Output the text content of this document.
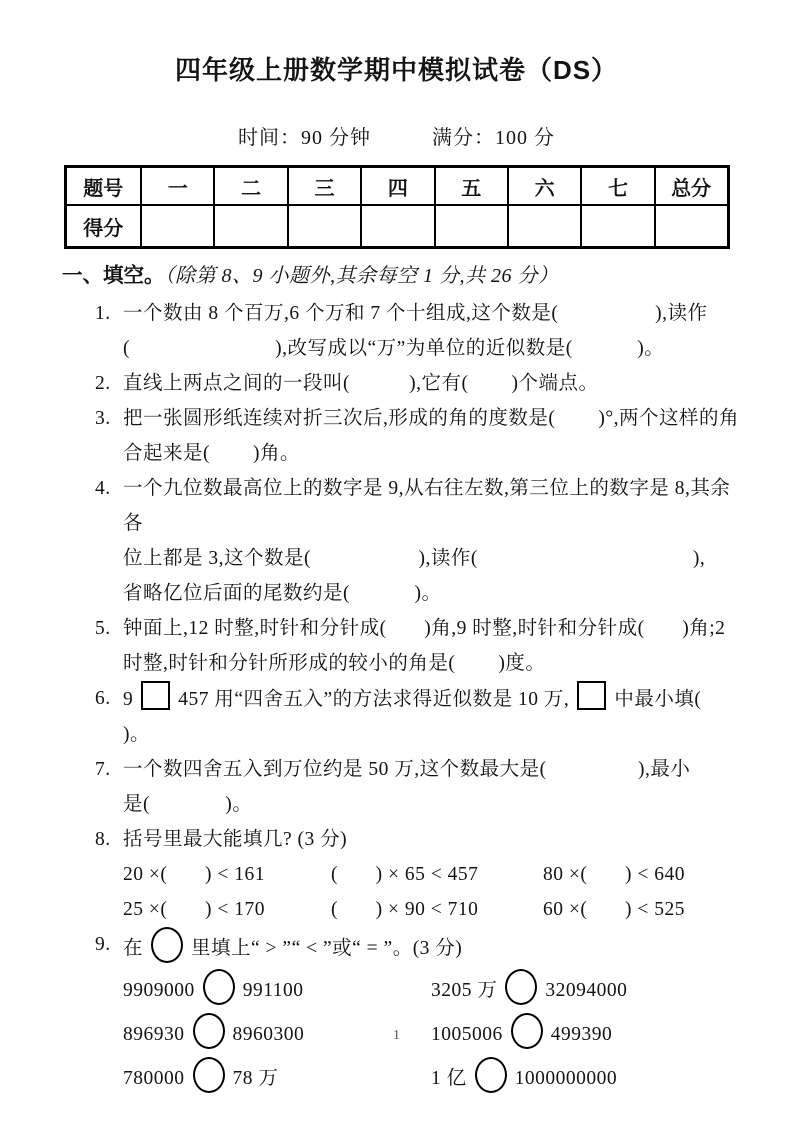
四年级上册数学期中模拟试卷（DS）
时间：90 分钟	满分：100 分
题号	一	二	三	四	五	六	七	总分
得分								
一、填空。（除第 8、9 小题外,其余每空 1 分,共 26 分）
1. 一个数由 8 个百万,6 个万和 7 个十组成,这个数是(                  ),读作
(                           ),改写成以“万”为单位的近似数是(            )。
2. 直线上两点之间的一段叫(           ),它有(        )个端点。
3. 把一张圆形纸连续对折三次后,形成的角的度数是(        )°,两个这样的角
合起来是(        )角。
4. 一个九位数最高位上的数字是 9,从右往左数,第三位上的数字是 8,其余各
位上都是 3,这个数是(                    ),读作(                                        ),
省略亿位后面的尾数约是(            )。
5. 钟面上,12 时整,时针和分针成(       )角,9 时整,时针和分针成(       )角;2
时整,时针和分针所形成的较小的角是(        )度。
6. 9 457 用“四舍五入”的方法求得近似数是 10 万, 中最小填(        )。
7. 一个数四舍五入到万位约是 50 万,这个数最大是(                 ),最小
是(              )。
8. 括号里最大能填几? (3 分)
20 ×(       ) < 161	(       ) × 65 < 457	80 ×(       ) < 640
25 ×(       ) < 170	(       ) × 90 < 710	60 ×(       ) < 525
9. 在 里填上“ > ”“ < ”或“ = ”。(3 分)
9909000 991100	3205 万 32094000
896930 8960300	1005006 499390
780000 78 万	1 亿 1000000000
1
